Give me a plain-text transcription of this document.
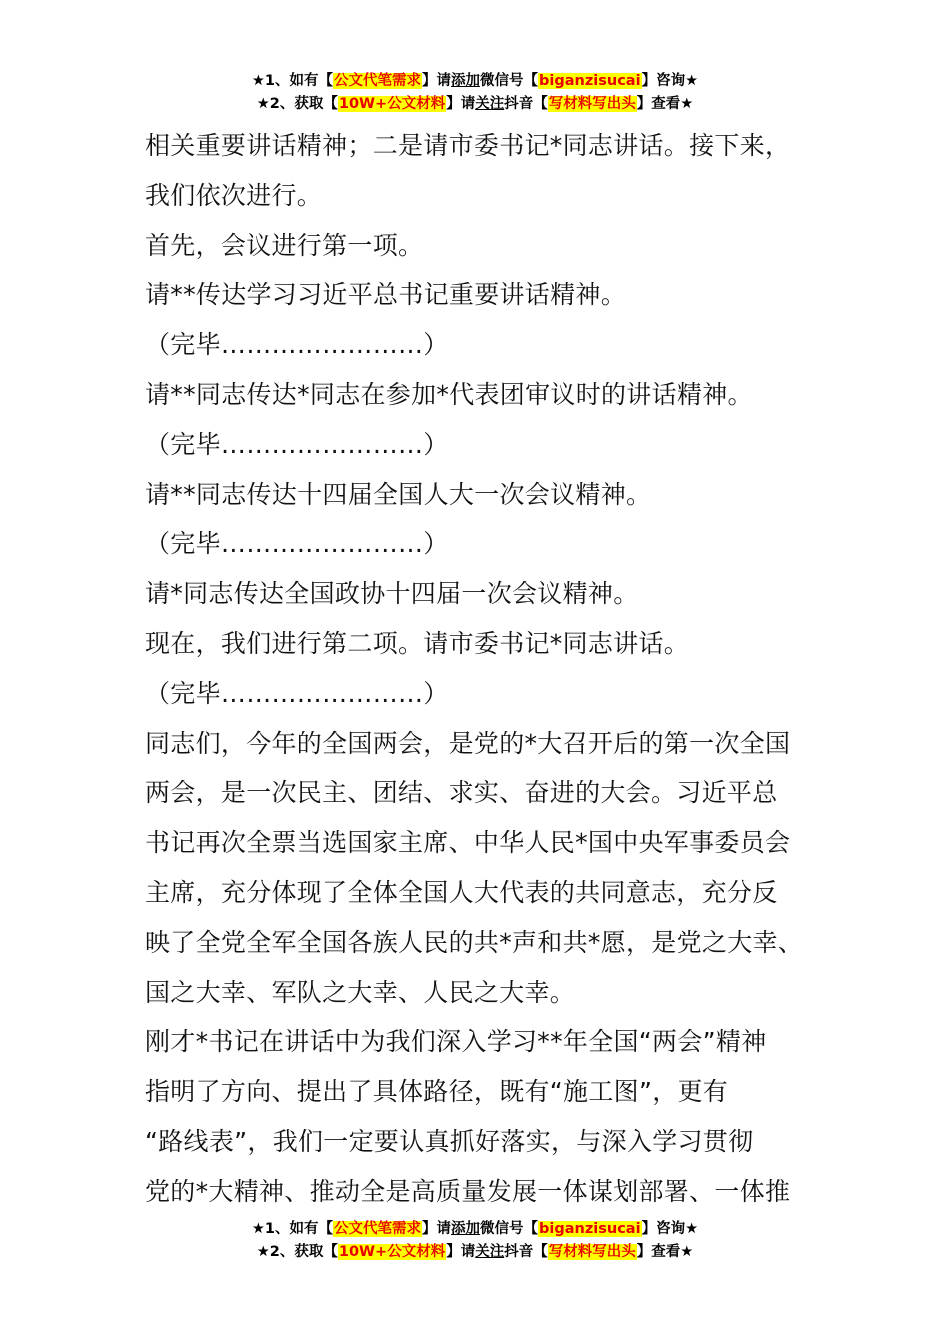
★1、如有【公文代笔需求】请添加微信号【biganzisucai】咨询★
★2、获取【10W+公文材料】请关注抖音【写材料写出头】查看★
相关重要讲话精神；二是请市委书记*同志讲话。接下来，
我们依次进行。
首先，会议进行第一项。
请**传达学习习近平总书记重要讲话精神。
（完毕……………………）
请**同志传达*同志在参加*代表团审议时的讲话精神。
（完毕……………………）
请**同志传达十四届全国人大一次会议精神。
（完毕……………………）
请*同志传达全国政协十四届一次会议精神。
现在，我们进行第二项。请市委书记*同志讲话。
（完毕……………………）
同志们，今年的全国两会，是党的*大召开后的第一次全国
两会，是一次民主、团结、求实、奋进的大会。习近平总
书记再次全票当选国家主席、中华人民*国中央军事委员会
主席，充分体现了全体全国人大代表的共同意志，充分反
映了全党全军全国各族人民的共*声和共*愿，是党之大幸、
国之大幸、军队之大幸、人民之大幸。
刚才*书记在讲话中为我们深入学习**年全国“两会”精神
指明了方向、提出了具体路径，既有“施工图”，更有
“路线表”，我们一定要认真抓好落实，与深入学习贯彻
党的*大精神、推动全是高质量发展一体谋划部署、一体推
★1、如有【公文代笔需求】请添加微信号【biganzisucai】咨询★
★2、获取【10W+公文材料】请关注抖音【写材料写出头】查看★
